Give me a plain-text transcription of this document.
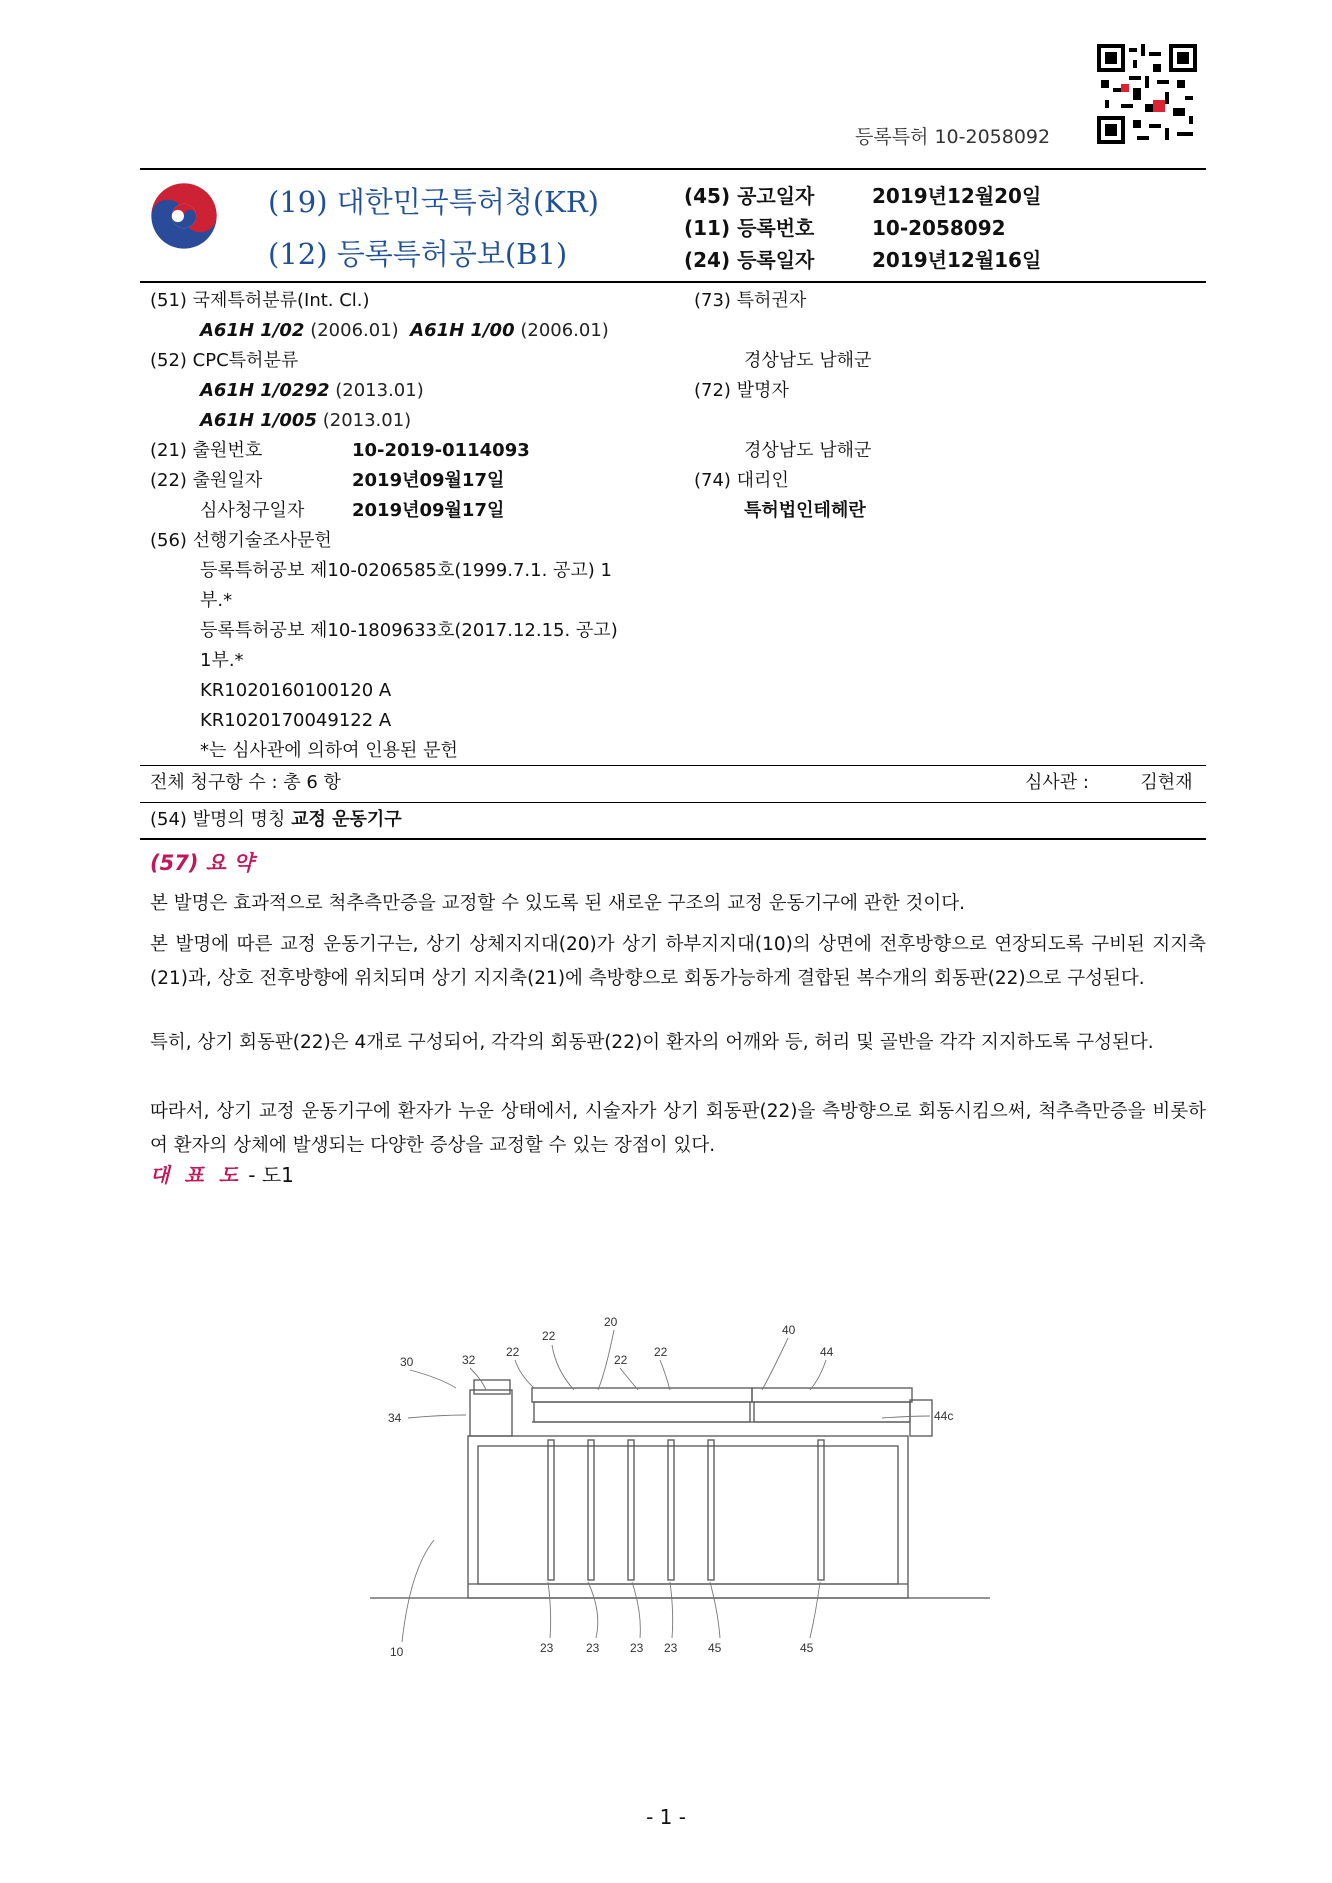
등록특허 10-2058092
(19) 대한민국특허청(KR)
(12) 등록특허공보(B1)
(45) 공고일자	2019년12월20일
(11) 등록번호	10-2058092
(24) 등록일자	2019년12월16일
(51) 국제특허분류(Int. Cl.)
A61H 1/02 (2006.01) A61H 1/00 (2006.01)
(52) CPC특허분류
A61H 1/0292 (2013.01)
A61H 1/005 (2013.01)
(21) 출원번호	10-2019-0114093
(22) 출원일자	2019년09월17일
심사청구일자	2019년09월17일
(56) 선행기술조사문헌
등록특허공보 제10-0206585호(1999.7.1. 공고) 1
부.*
등록특허공보 제10-1809633호(2017.12.15. 공고)
1부.*
KR1020160100120 A
KR1020170049122 A
*는 심사관에 의하여 인용된 문헌
(73) 특허권자
경상남도 남해군
(72) 발명자
경상남도 남해군
(74) 대리인
특허법인테헤란
전체 청구항 수 : 총 6 항	심사관 :	김현재
(54) 발명의 명칭 교정 운동기구
(57) 요 약
본 발명은 효과적으로 척추측만증을 교정할 수 있도록 된 새로운 구조의 교정 운동기구에 관한 것이다.
본 발명에 따른 교정 운동기구는, 상기 상체지지대(20)가 상기 하부지지대(10)의 상면에 전후방향으로 연장되도록 구비된 지지축(21)과, 상호 전후방향에 위치되며 상기 지지축(21)에 측방향으로 회동가능하게 결합된 복수개의 회동판(22)으로 구성된다.
특히, 상기 회동판(22)은 4개로 구성되어, 각각의 회동판(22)이 환자의 어깨와 등, 허리 및 골반을 각각 지지하도록 구성된다.
따라서, 상기 교정 운동기구에 환자가 누운 상태에서, 시술자가 상기 회동판(22)을 측방향으로 회동시킴으써, 척추측만증을 비롯하여 환자의 상체에 발생되는 다양한 증상을 교정할 수 있는 장점이 있다.
대 표 도 - 도1
30	32
34
22
22
20
22
22
40
44
44c
10	23	23	23 23	45	45
- 1 -
